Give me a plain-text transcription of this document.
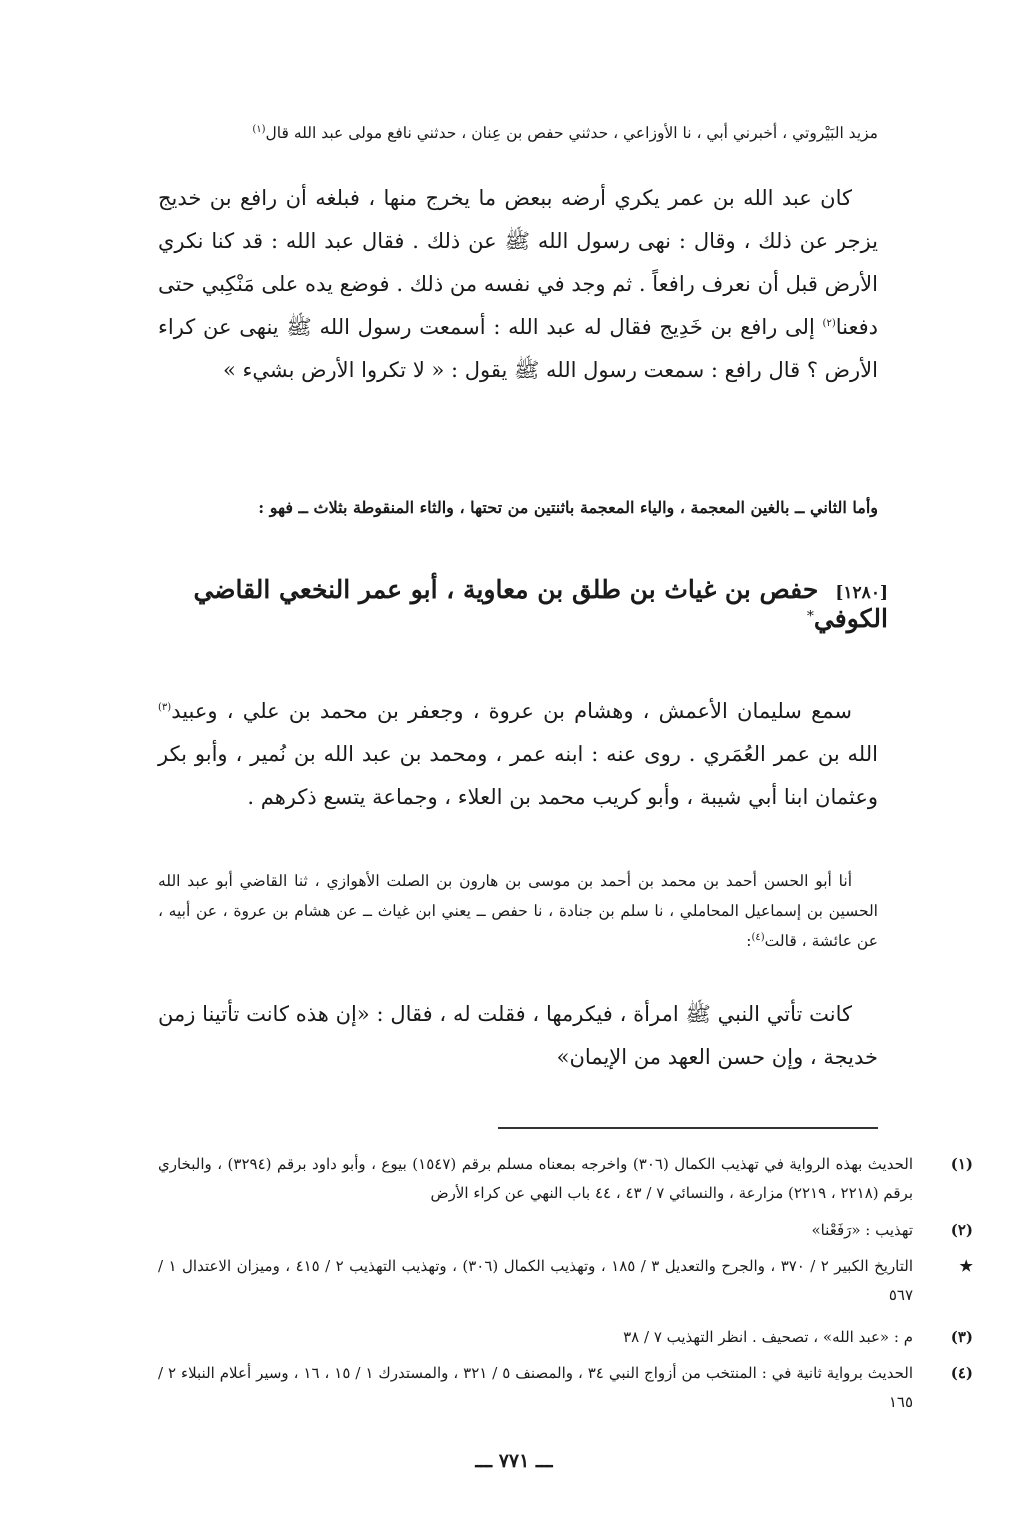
مزيد البَيْروتي ، أخبرني أبي ، نا الأوزاعي ، حدثني حفص بن عِنان ، حدثني نافع مولى عبد الله قال$^{(١)}$
كان عبد الله بن عمر يكري أرضه ببعض ما يخرج منها ، فبلغه أن رافع بن خديج يزجر عن ذلك ، وقال : نهى رسول الله ﷺ عن ذلك . فقال عبد الله : قد كنا نكري الأرض قبل أن نعرف رافعاً . ثم وجد في نفسه من ذلك . فوضع يده على مَنْكِبي حتى دفعنا$^{(٢)}$ إلى رافع بن خَدِيج فقال له عبد الله : أسمعت رسول الله ﷺ ينهى عن كراء الأرض ؟ قال رافع : سمعت رسول الله ﷺ يقول : « لا تكروا الأرض بشيء »
وأما الثاني ــ بالغين المعجمة ، والياء المعجمة باثنتين من تحتها ، والثاء المنقوطة بثلاث ــ فهو :
[١٢٨٠] حفص بن غياث بن طلق بن معاوية ، أبو عمر النخعي القاضي الكوفي*
سمع سليمان الأعمش ، وهشام بن عروة ، وجعفر بن محمد بن علي ، وعبيد$^{(٣)}$ الله بن عمر العُمَري . روى عنه : ابنه عمر ، ومحمد بن عبد الله بن نُمير ، وأبو بكر وعثمان ابنا أبي شيبة ، وأبو كريب محمد بن العلاء ، وجماعة يتسع ذكرهم .
أنا أبو الحسن أحمد بن محمد بن أحمد بن موسى بن هارون بن الصلت الأهوازي ، ثنا القاضي أبو عبد الله الحسين بن إسماعيل المحاملي ، نا سلم بن جنادة ، نا حفص ــ يعني ابن غياث ــ عن هشام بن عروة ، عن أبيه ، عن عائشة ، قالت$^{(٤)}$:
كانت تأتي النبي ﷺ امرأة ، فيكرمها ، فقلت له ، فقال : «إن هذه كانت تأتينا زمن خديجة ، وإن حسن العهد من الإيمان»
(١)
الحديث بهذه الرواية في تهذيب الكمال (٣٠٦) واخرجه بمعناه مسلم برقم (١٥٤٧) بيوع ، وأبو داود برقم (٣٢٩٤) ، والبخاري برقم (٢٢١٨ ، ٢٢١٩) مزارعة ، والنسائي ٧ / ٤٣ ، ٤٤ باب النهي عن كراء الأرض
(٢)
تهذيب : «رَفَعْنا»
★
التاريخ الكبير ٢ / ٣٧٠ ، والجرح والتعديل ٣ / ١٨٥ ، وتهذيب الكمال (٣٠٦) ، وتهذيب التهذيب ٢ / ٤١٥ ، وميزان الاعتدال ١ / ٥٦٧
(٣)
م : «عبد الله» ، تصحيف . انظر التهذيب ٧ / ٣٨
(٤)
الحديث برواية ثانية في : المنتخب من أزواج النبي ٣٤ ، والمصنف ٥ / ٣٢١ ، والمستدرك ١ / ١٥ ، ١٦ ، وسير أعلام النبلاء ٢ / ١٦٥
ـــ ٧٧١ ـــ
